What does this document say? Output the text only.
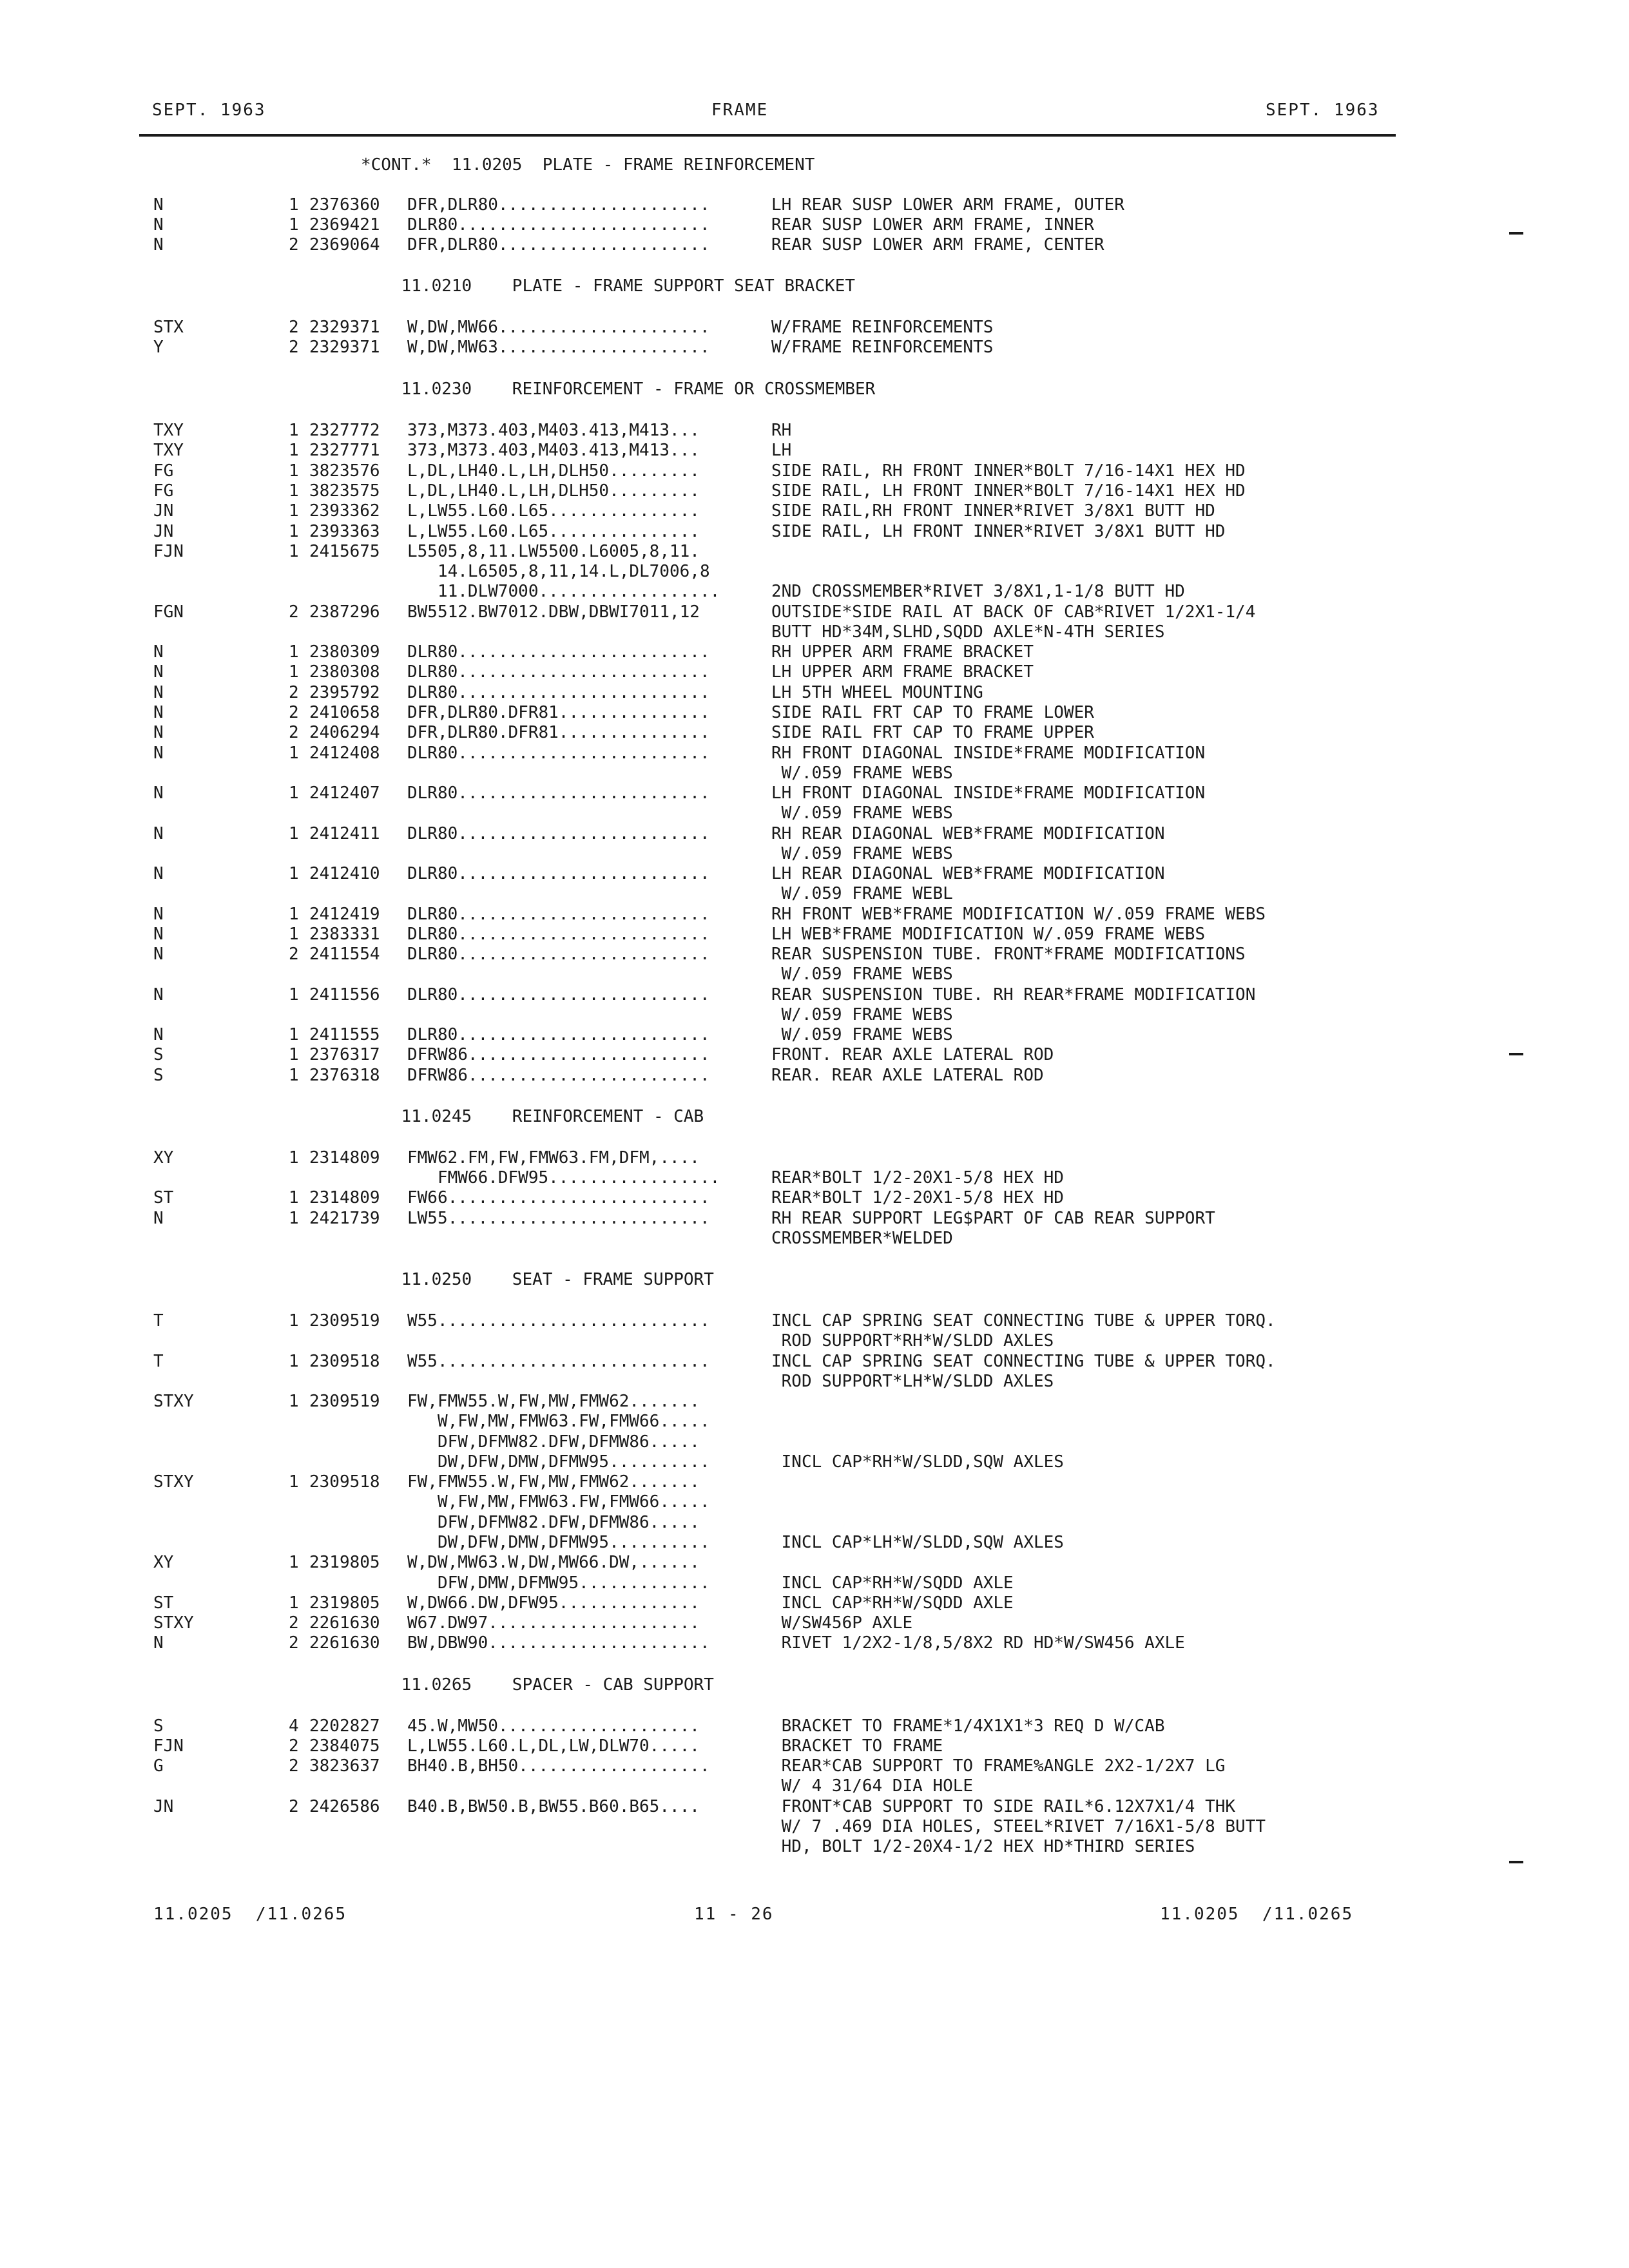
SEPT. 1963	FRAME	SEPT. 1963
*CONT.*  11.0205  PLATE - FRAME REINFORCEMENT
N	1 2376360 DFR,DLR80.....................	LH REAR SUSP LOWER ARM FRAME, OUTER
N	1 2369421 DLR80.........................	REAR SUSP LOWER ARM FRAME, INNER
N	2 2369064 DFR,DLR80.....................	REAR SUSP LOWER ARM FRAME, CENTER
11.0210    PLATE - FRAME SUPPORT SEAT BRACKET
STX	2 2329371 W,DW,MW66.....................	W/FRAME REINFORCEMENTS
Y	2 2329371 W,DW,MW63.....................	W/FRAME REINFORCEMENTS
11.0230    REINFORCEMENT - FRAME OR CROSSMEMBER
TXY	1 2327772 373,M373.403,M403.413,M413...	RH
TXY	1 2327771 373,M373.403,M403.413,M413...	LH
FG	1 3823576 L,DL,LH40.L,LH,DLH50.........	SIDE RAIL, RH FRONT INNER*BOLT 7/16-14X1 HEX HD
FG	1 3823575 L,DL,LH40.L,LH,DLH50.........	SIDE RAIL, LH FRONT INNER*BOLT 7/16-14X1 HEX HD
JN	1 2393362 L,LW55.L60.L65...............	SIDE RAIL,RH FRONT INNER*RIVET 3/8X1 BUTT HD
JN	1 2393363 L,LW55.L60.L65...............	SIDE RAIL, LH FRONT INNER*RIVET 3/8X1 BUTT HD
FJN	1 2415675 L5505,8,11.LW5500.L6005,8,11.
14.L6505,8,11,14.L,DL7006,8
11.DLW7000..................	2ND CROSSMEMBER*RIVET 3/8X1,1-1/8 BUTT HD
FGN	2 2387296 BW5512.BW7012.DBW,DBWI7011,12	OUTSIDE*SIDE RAIL AT BACK OF CAB*RIVET 1/2X1-1/4
BUTT HD*34M,SLHD,SQDD AXLE*N-4TH SERIES
N	1 2380309 DLR80.........................	RH UPPER ARM FRAME BRACKET
N	1 2380308 DLR80.........................	LH UPPER ARM FRAME BRACKET
N	2 2395792 DLR80.........................	LH 5TH WHEEL MOUNTING
N	2 2410658 DFR,DLR80.DFR81...............	SIDE RAIL FRT CAP TO FRAME LOWER
N	2 2406294 DFR,DLR80.DFR81...............	SIDE RAIL FRT CAP TO FRAME UPPER
N	1 2412408 DLR80.........................	RH FRONT DIAGONAL INSIDE*FRAME MODIFICATION
W/.059 FRAME WEBS
N	1 2412407 DLR80.........................	LH FRONT DIAGONAL INSIDE*FRAME MODIFICATION
W/.059 FRAME WEBS
N	1 2412411 DLR80.........................	RH REAR DIAGONAL WEB*FRAME MODIFICATION
W/.059 FRAME WEBS
N	1 2412410 DLR80.........................	LH REAR DIAGONAL WEB*FRAME MODIFICATION
W/.059 FRAME WEBL
N	1 2412419 DLR80.........................	RH FRONT WEB*FRAME MODIFICATION W/.059 FRAME WEBS
N	1 2383331 DLR80.........................	LH WEB*FRAME MODIFICATION W/.059 FRAME WEBS
N	2 2411554 DLR80.........................	REAR SUSPENSION TUBE. FRONT*FRAME MODIFICATIONS
W/.059 FRAME WEBS
N	1 2411556 DLR80.........................	REAR SUSPENSION TUBE. RH REAR*FRAME MODIFICATION
W/.059 FRAME WEBS
N	1 2411555 DLR80.........................	W/.059 FRAME WEBS
S	1 2376317 DFRW86........................	FRONT. REAR AXLE LATERAL ROD
S	1 2376318 DFRW86........................	REAR. REAR AXLE LATERAL ROD
11.0245    REINFORCEMENT - CAB
XY	1 2314809 FMW62.FM,FW,FMW63.FM,DFM,....
FMW66.DFW95.................	REAR*BOLT 1/2-20X1-5/8 HEX HD
ST	1 2314809 FW66..........................	REAR*BOLT 1/2-20X1-5/8 HEX HD
N	1 2421739 LW55..........................	RH REAR SUPPORT LEG$PART OF CAB REAR SUPPORT
CROSSMEMBER*WELDED
11.0250    SEAT - FRAME SUPPORT
T	1 2309519 W55...........................	INCL CAP SPRING SEAT CONNECTING TUBE & UPPER TORQ.
ROD SUPPORT*RH*W/SLDD AXLES
T	1 2309518 W55...........................	INCL CAP SPRING SEAT CONNECTING TUBE & UPPER TORQ.
ROD SUPPORT*LH*W/SLDD AXLES
STXY	1 2309519 FW,FMW55.W,FW,MW,FMW62.......
W,FW,MW,FMW63.FW,FMW66.....
DFW,DFMW82.DFW,DFMW86.....
DW,DFW,DMW,DFMW95..........	INCL CAP*RH*W/SLDD,SQW AXLES
STXY	1 2309518 FW,FMW55.W,FW,MW,FMW62.......
W,FW,MW,FMW63.FW,FMW66.....
DFW,DFMW82.DFW,DFMW86.....
DW,DFW,DMW,DFMW95..........	INCL CAP*LH*W/SLDD,SQW AXLES
XY	1 2319805 W,DW,MW63.W,DW,MW66.DW,......
DFW,DMW,DFMW95.............	INCL CAP*RH*W/SQDD AXLE
ST	1 2319805 W,DW66.DW,DFW95..............	INCL CAP*RH*W/SQDD AXLE
STXY	2 2261630 W67.DW97.....................	W/SW456P AXLE
N	2 2261630 BW,DBW90......................	RIVET 1/2X2-1/8,5/8X2 RD HD*W/SW456 AXLE
11.0265    SPACER - CAB SUPPORT
S	4 2202827 45.W,MW50....................	BRACKET TO FRAME*1/4X1X1*3 REQ D W/CAB
FJN	2 2384075 L,LW55.L60.L,DL,LW,DLW70.....	BRACKET TO FRAME
G	2 3823637 BH40.B,BH50...................	REAR*CAB SUPPORT TO FRAME%ANGLE 2X2-1/2X7 LG
W/ 4 31/64 DIA HOLE
JN	2 2426586 B40.B,BW50.B,BW55.B60.B65....	FRONT*CAB SUPPORT TO SIDE RAIL*6.12X7X1/4 THK
W/ 7 .469 DIA HOLES, STEEL*RIVET 7/16X1-5/8 BUTT
HD, BOLT 1/2-20X4-1/2 HEX HD*THIRD SERIES
11.0205  /11.0265	11 - 26	11.0205  /11.0265
